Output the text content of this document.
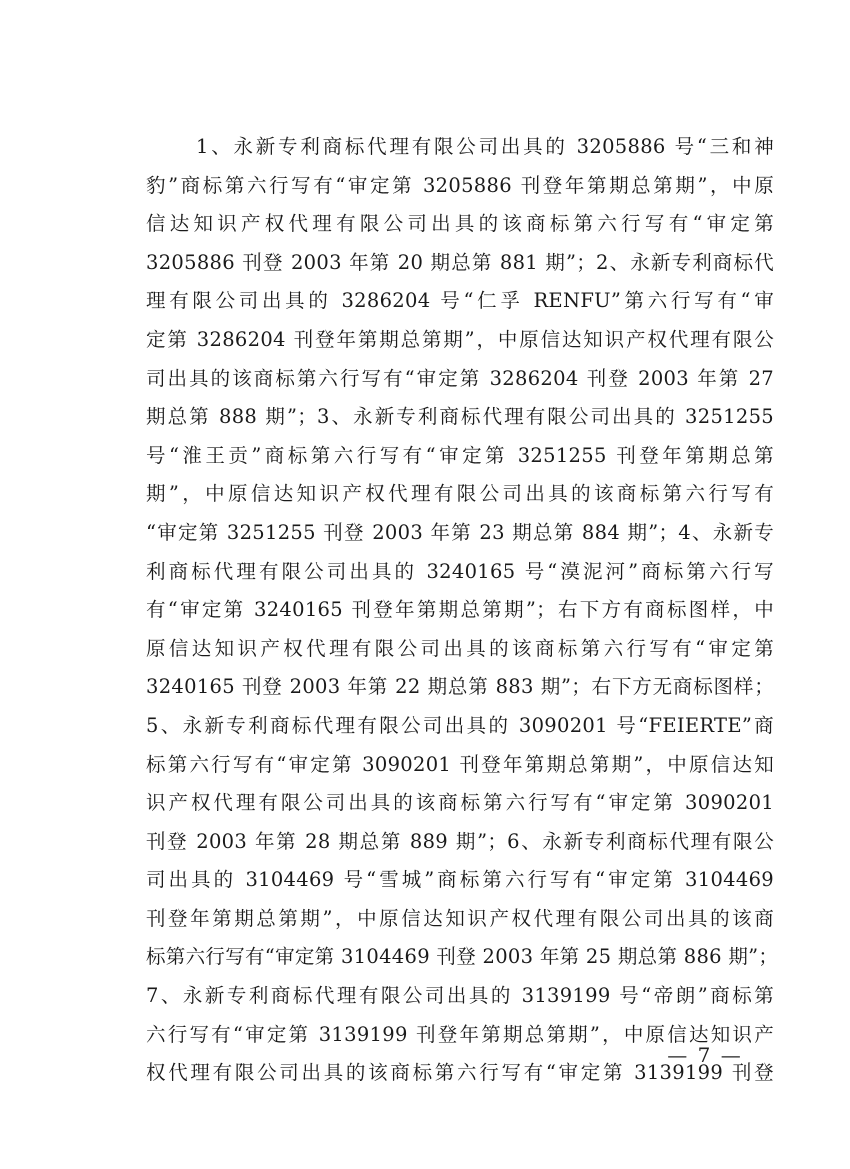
1、永新专利商标代理有限公司出具的 3205886 号“三和神
豹”商标第六行写有“审定第 3205886 刊登年第期总第期”，中原
信达知识产权代理有限公司出具的该商标第六行写有“审定第
3205886 刊登 2003 年第 20 期总第 881 期”；2、永新专利商标代
理有限公司出具的 3286204 号“仁孚 RENFU”第六行写有“审
定第 3286204 刊登年第期总第期”，中原信达知识产权代理有限公
司出具的该商标第六行写有“审定第 3286204 刊登 2003 年第 27
期总第 888 期”；3、永新专利商标代理有限公司出具的 3251255
号“淮王贡”商标第六行写有“审定第 3251255 刊登年第期总第
期”，中原信达知识产权代理有限公司出具的该商标第六行写有
“审定第 3251255 刊登 2003 年第 23 期总第 884 期”；4、永新专
利商标代理有限公司出具的 3240165 号“漠泥河”商标第六行写
有“审定第 3240165 刊登年第期总第期”；右下方有商标图样，中
原信达知识产权代理有限公司出具的该商标第六行写有“审定第
3240165 刊登 2003 年第 22 期总第 883 期”；右下方无商标图样；
5、永新专利商标代理有限公司出具的 3090201 号“FEIERTE”商
标第六行写有“审定第 3090201 刊登年第期总第期”，中原信达知
识产权代理有限公司出具的该商标第六行写有“审定第 3090201
刊登 2003 年第 28 期总第 889 期”；6、永新专利商标代理有限公
司出具的 3104469 号“雪城”商标第六行写有“审定第 3104469
刊登年第期总第期”，中原信达知识产权代理有限公司出具的该商
标第六行写有“审定第 3104469 刊登 2003 年第 25 期总第 886 期”；
7、永新专利商标代理有限公司出具的 3139199 号“帝朗”商标第
六行写有“审定第 3139199 刊登年第期总第期”，中原信达知识产
权代理有限公司出具的该商标第六行写有“审定第 3139199 刊登
— 7 —
